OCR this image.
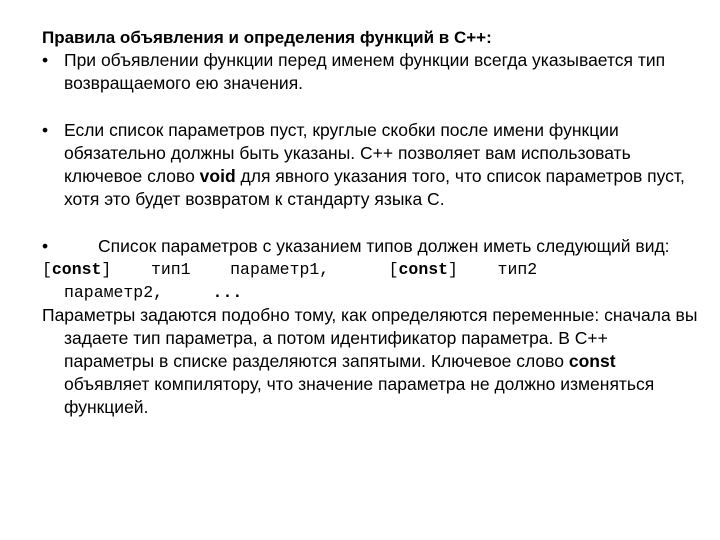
Правила объявления и определения функций в С++:

• При объявлении функции перед именем функции всегда указывается тип возвращаемого ею значения.

• Если список параметров пуст, круглые скобки после имени функции обязательно должны быть указаны. С++ позволяет вам использовать ключевое слово void для явного указания того, что список параметров пуст, хотя это будет возвратом к стандарту языка С.

•	Список параметров с указанием типов должен иметь следующий вид:

[const] тип1 параметр1,	[const] тип2

параметр2,	...

Параметры задаются подобно тому, как определяются переменные: сначала вы задаете тип параметра, а потом идентификатор параметра. В С++ параметры в списке разделяются запятыми. Ключевое слово const объявляет компилятору, что значение параметра не должно изменяться функцией.
